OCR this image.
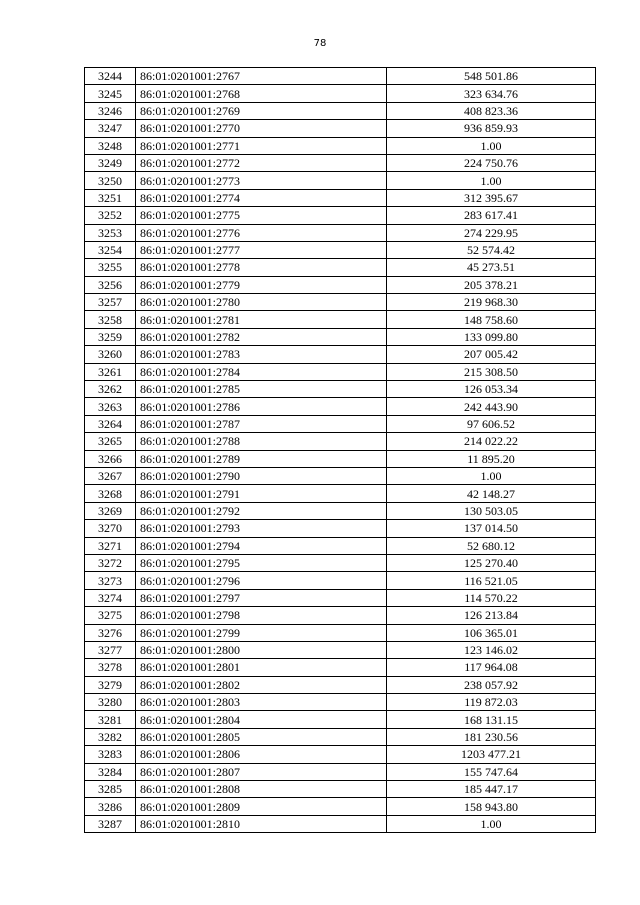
78
3244	86:01:0201001:2767	548 501.86
3245	86:01:0201001:2768	323 634.76
3246	86:01:0201001:2769	408 823.36
3247	86:01:0201001:2770	936 859.93
3248	86:01:0201001:2771	1.00
3249	86:01:0201001:2772	224 750.76
3250	86:01:0201001:2773	1.00
3251	86:01:0201001:2774	312 395.67
3252	86:01:0201001:2775	283 617.41
3253	86:01:0201001:2776	274 229.95
3254	86:01:0201001:2777	52 574.42
3255	86:01:0201001:2778	45 273.51
3256	86:01:0201001:2779	205 378.21
3257	86:01:0201001:2780	219 968.30
3258	86:01:0201001:2781	148 758.60
3259	86:01:0201001:2782	133 099.80
3260	86:01:0201001:2783	207 005.42
3261	86:01:0201001:2784	215 308.50
3262	86:01:0201001:2785	126 053.34
3263	86:01:0201001:2786	242 443.90
3264	86:01:0201001:2787	97 606.52
3265	86:01:0201001:2788	214 022.22
3266	86:01:0201001:2789	11 895.20
3267	86:01:0201001:2790	1.00
3268	86:01:0201001:2791	42 148.27
3269	86:01:0201001:2792	130 503.05
3270	86:01:0201001:2793	137 014.50
3271	86:01:0201001:2794	52 680.12
3272	86:01:0201001:2795	125 270.40
3273	86:01:0201001:2796	116 521.05
3274	86:01:0201001:2797	114 570.22
3275	86:01:0201001:2798	126 213.84
3276	86:01:0201001:2799	106 365.01
3277	86:01:0201001:2800	123 146.02
3278	86:01:0201001:2801	117 964.08
3279	86:01:0201001:2802	238 057.92
3280	86:01:0201001:2803	119 872.03
3281	86:01:0201001:2804	168 131.15
3282	86:01:0201001:2805	181 230.56
3283	86:01:0201001:2806	1203 477.21
3284	86:01:0201001:2807	155 747.64
3285	86:01:0201001:2808	185 447.17
3286	86:01:0201001:2809	158 943.80
3287	86:01:0201001:2810	1.00
